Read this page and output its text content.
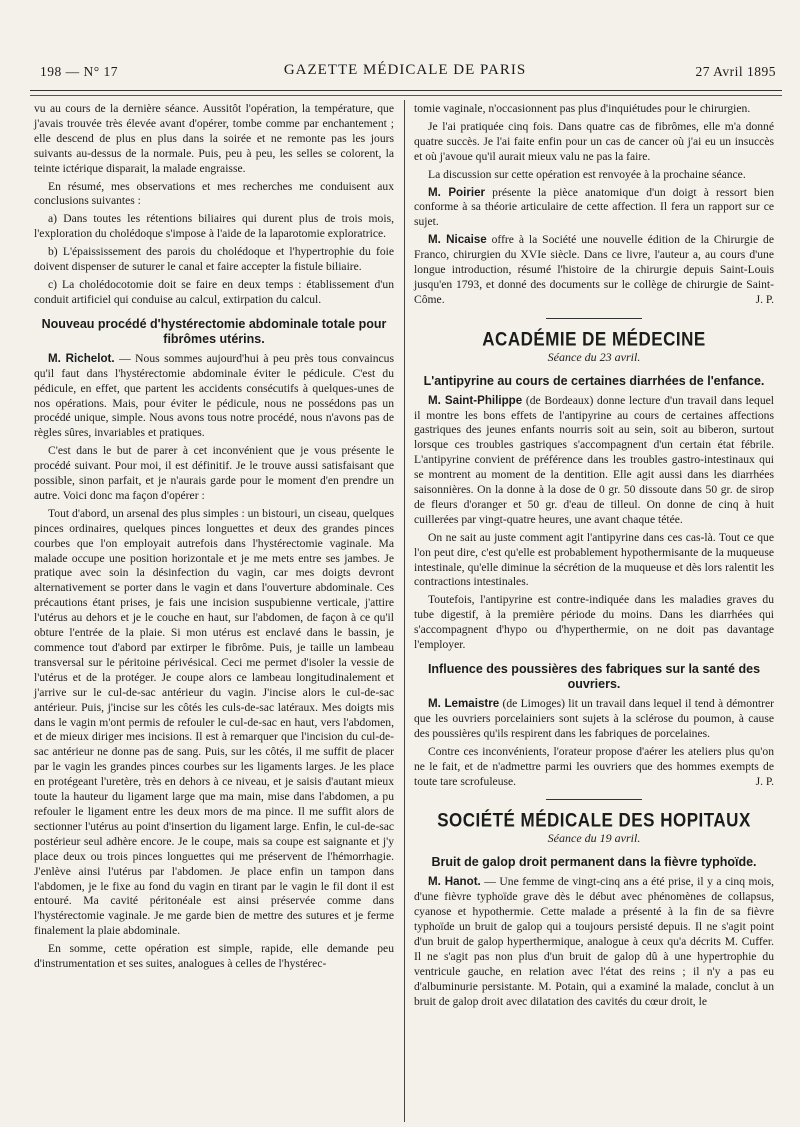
198 — N° 17	GAZETTE MÉDICALE DE PARIS	27 Avril 1895

vu au cours de la dernière séance. Aussitôt l'opération, la température, que j'avais trouvée très élevée avant d'opérer, tombe comme par enchantement ; elle descend de plus en plus dans la soirée et ne remonte pas les jours suivants au-dessus de la normale. Puis, peu à peu, les selles se colorent, la teinte ictérique disparait, la malade engraisse.

En résumé, mes observations et mes recherches me conduisent aux conclusions suivantes :

a) Dans toutes les rétentions biliaires qui durent plus de trois mois, l'exploration du cholédoque s'impose à l'aide de la laparotomie exploratrice.

b) L'épaississement des parois du cholédoque et l'hypertrophie du foie doivent dispenser de suturer le canal et faire accepter la fistule biliaire.

c) La cholédocotomie doit se faire en deux temps : établissement d'un conduit artificiel qui conduise au calcul, extirpation du calcul.

Nouveau procédé d'hystérectomie abdominale totale pour fibrômes utérins.

M. Richelot. — Nous sommes aujourd'hui à peu près tous convaincus qu'il faut dans l'hystérectomie abdominale éviter le pédicule. C'est du pédicule, en effet, que partent les accidents consécutifs à quelques-unes de nos opérations. Mais, pour éviter le pédicule, nous ne possédons pas un procédé unique, simple. Nous avons tous notre procédé, nous n'avons pas de règles sûres, invariables et pratiques.

C'est dans le but de parer à cet inconvénient que je vous présente le procédé suivant. Pour moi, il est définitif. Je le trouve aussi satisfaisant que possible, sinon parfait, et je n'aurais garde pour le moment d'en prendre un autre. Voici donc ma façon d'opérer :

Tout d'abord, un arsenal des plus simples : un bistouri, un ciseau, quelques pinces ordinaires, quelques pinces longuettes et deux des grandes pinces courbes que l'on employait autrefois dans l'hystérectomie vaginale. Ma malade occupe une position horizontale et je me mets entre ses jambes. Je pratique avec soin la désinfection du vagin, car mes doigts devront alternativement se porter dans le vagin et dans l'ouverture abdominale. Ces précautions étant prises, je fais une incision suspubienne verticale, j'attire l'utérus au dehors et je le couche en haut, sur l'abdomen, de façon à ce qu'il obture l'entrée de la plaie. Si mon utérus est enclavé dans le bassin, je commence tout d'abord par extirper le fibrôme. Puis, je taille un lambeau transversal sur le péritoine périvésical. Ceci me permet d'isoler la vessie de l'utérus et de la protéger. Je coupe alors ce lambeau longitudinalement et j'arrive sur le cul-de-sac antérieur du vagin. J'incise alors le cul-de-sac antérieur. Puis, j'incise sur les côtés les culs-de-sac latéraux. Mes doigts mis dans le vagin m'ont permis de refouler le cul-de-sac en haut, vers l'abdomen, et de mieux diriger mes incisions. Il est à remarquer que l'incision du cul-de-sac antérieur ne donne pas de sang. Puis, sur les côtés, il me suffit de placer par le vagin les grandes pinces courbes sur les ligaments larges. Je les place en protégeant l'uretère, très en dehors à ce niveau, et je saisis d'autant mieux toute la hauteur du ligament large que ma main, mise dans l'abdomen, a pu refouler le ligament entre les deux mors de ma pince. Il me suffit alors de sectionner l'utérus au point d'insertion du ligament large. Enfin, le cul-de-sac postérieur seul adhère encore. Je le coupe, mais sa coupe est saignante et j'y place deux ou trois pinces longuettes qui me préservent de l'hémorrhagie. J'enlève ainsi l'utérus par l'abdomen. Je place enfin un tampon dans l'abdomen, je le fixe au fond du vagin en tirant par le vagin le fil dont il est entouré. Ma cavité péritonéale est ainsi préservée comme dans l'hystérectomie vaginale. Je me garde bien de mettre des sutures et je ferme finalement la plaie abdominale.

En somme, cette opération est simple, rapide, elle demande peu d'instrumentation et ses suites, analogues à celles de l'hystérec-

tomie vaginale, n'occasionnent pas plus d'inquiétudes pour le chirurgien.

Je l'ai pratiquée cinq fois. Dans quatre cas de fibrômes, elle m'a donné quatre succès. Je l'ai faite enfin pour un cas de cancer où j'ai eu un insuccès et où j'avoue qu'il aurait mieux valu ne pas la faire.

La discussion sur cette opération est renvoyée à la prochaine séance.

M. Poirier présente la pièce anatomique d'un doigt à ressort bien conforme à sa théorie articulaire de cette affection. Il fera un rapport sur ce sujet.

M. Nicaise offre à la Société une nouvelle édition de la Chirurgie de Franco, chirurgien du XVIe siècle. Dans ce livre, l'auteur a, au cours d'une longue introduction, résumé l'histoire de la chirurgie depuis Saint-Louis jusqu'en 1793, et donné des documents sur le collège de chirurgie de Saint-Côme.	J. P.

ACADÉMIE DE MÉDECINE
Séance du 23 avril.
L'antipyrine au cours de certaines diarrhées de l'enfance.

M. Saint-Philippe (de Bordeaux) donne lecture d'un travail dans lequel il montre les bons effets de l'antipyrine au cours de certaines affections gastriques des jeunes enfants nourris soit au sein, soit au biberon, surtout lorsque ces troubles gastriques s'accompagnent d'un certain état fébrile. L'antipyrine convient de préférence dans les troubles gastro-intestinaux qui se montrent au moment de la dentition. Elle agit aussi dans les diarrhées saisonnières. On la donne à la dose de 0 gr. 50 dissoute dans 50 gr. de sirop de fleurs d'oranger et 50 gr. d'eau de tilleul. On donne de cinq à huit cuillerées par vingt-quatre heures, une avant chaque tétée.

On ne sait au juste comment agit l'antipyrine dans ces cas-là. Tout ce que l'on peut dire, c'est qu'elle est probablement hypothermisante de la muqueuse intestinale, qu'elle diminue la sécrétion de la muqueuse et dès lors ralentit les contractions intestinales.

Toutefois, l'antipyrine est contre-indiquée dans les maladies graves du tube digestif, à la première période du moins. Dans les diarrhées qui s'accompagnent d'hypo ou d'hyperthermie, on ne doit pas davantage l'employer.

Influence des poussières des fabriques sur la santé des ouvriers.

M. Lemaistre (de Limoges) lit un travail dans lequel il tend à démontrer que les ouvriers porcelainiers sont sujets à la sclérose du poumon, à cause des poussières qu'ils respirent dans les fabriques de porcelaines.

Contre ces inconvénients, l'orateur propose d'aérer les ateliers plus qu'on ne le fait, et de n'admettre parmi les ouvriers que des hommes exempts de toute tare scrofuleuse.	J. P.

SOCIÉTÉ MÉDICALE DES HOPITAUX
Séance du 19 avril.
Bruit de galop droit permanent dans la fièvre typhoïde.

M. Hanot. — Une femme de vingt-cinq ans a été prise, il y a cinq mois, d'une fièvre typhoïde grave dès le début avec phénomènes de collapsus, cyanose et hypothermie. Cette malade a présenté à la fin de sa fièvre typhoïde un bruit de galop qui a toujours persisté depuis. Il ne s'agit point d'un bruit de galop hyperthermique, analogue à ceux qu'a décrits M. Cuffer. Il ne s'agit pas non plus d'un bruit de galop dû à une hypertrophie du ventricule gauche, en relation avec l'état des reins ; il n'y a pas eu d'albuminurie persistante. M. Potain, qui a examiné la malade, conclut à un bruit de galop droit avec dilatation des cavités du cœur droit, le
